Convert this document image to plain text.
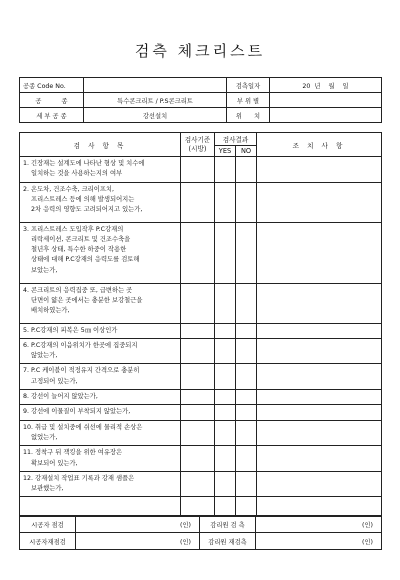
검측 체크리스트
공종 Code No.		검측일자	20  년    월    일
공          종	특수콘크리트 / P.S콘크리트	부 위 별	
세 부 공 종	강선설치	위      치	
검 사 항 목	검사기준
(시방)	검사결과		조 치 사 항
		YES	NO	
1. 긴장재는 설계도에 나타난 형상 및 치수에
일치하는 것을 사용하는지의 여부				
2. 온도차, 건조수축, 크리이프치,
프리스트레스 등에 의해 발생되어지는
2차 응력의 영향도 고려되어지고 있는가,				
3. 프리스트레스 도입작후 P.C강재의
리락세이션, 콘크리트 및 건조수축을
철년후 상태, 특수한 하중이 작용한
상태에 대해 P.C강재의 응력도를 검토해
보았는가,				
4. 콘크리트의 응력집중 또, 급변하는 곳
단면이 얇은 곳에서는 충분한 보강철근을
배치하였는가,				
5. P.C강재의 피복은 5㎝ 이상인가				
6. P.C강재의 이음위치가 한곳에 집중되지
않았는가,				
7. P.C 케이블이 적정유지 간격으로 충분히
고정되어 있는가,				
8. 강선이 늘어지 않았는가,				
9. 강선에 이물질이 부착되지 않았는가,				
10. 취급 및 설치중에 쉬선에 물리적 손상은
없었는가,				
11. 정착구 뒤 잭킹을 위한 여유장은
확보되어 있는가,				
12. 강재설치 작업표 기록과 강재 샘플은
보관했는가,				

시공자 점검	(인)	감리원 검 측	(인)
시공자재점검	(인)	감리원 재검측	(인)
